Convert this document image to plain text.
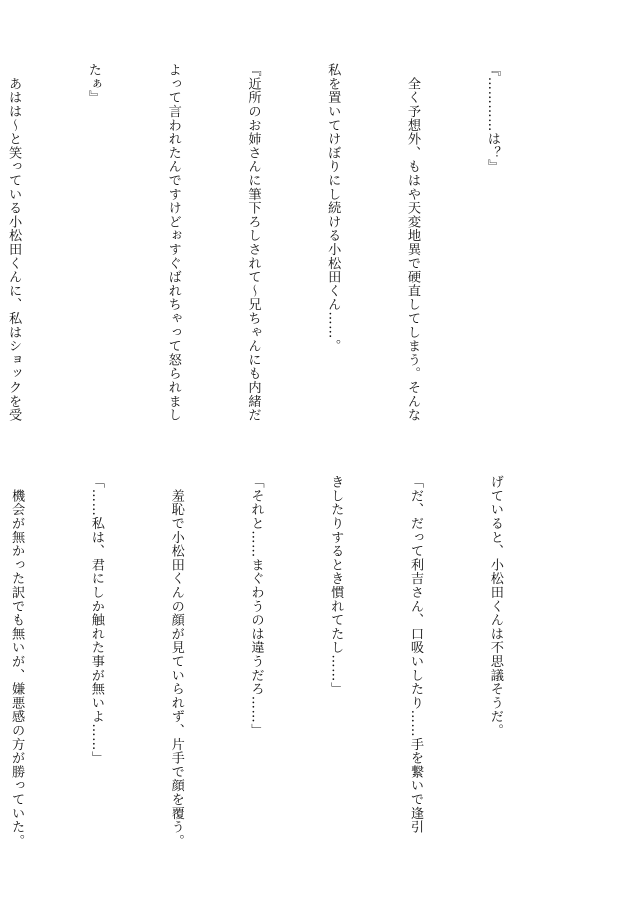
『…………は？』

　全く予想外、もはや天変地異で硬直してしまう。そんな

私を置いてけぼりにし続ける小松田くん……。

『近所のお姉さんに筆下ろしされて〜兄ちゃんにも内緒だ

よって言われたんですけどぉすぐばれちゃって怒られまし

たぁ』

　あはは〜と笑っている小松田くんに、私はショックを受

げていると、小松田くんは不思議そうだ。

「だ、だって利吉さん、口吸いしたり……手を繋いで逢引

きしたりするとき慣れてたし……」

「それと……まぐわうのは違うだろ……」

　羞恥で小松田くんの顔が見ていられず、片手で顔を覆う。

「……私は、君にしか触れた事が無いよ……」

　機会が無かった訳でも無いが、嫌悪感の方が勝っていた。
